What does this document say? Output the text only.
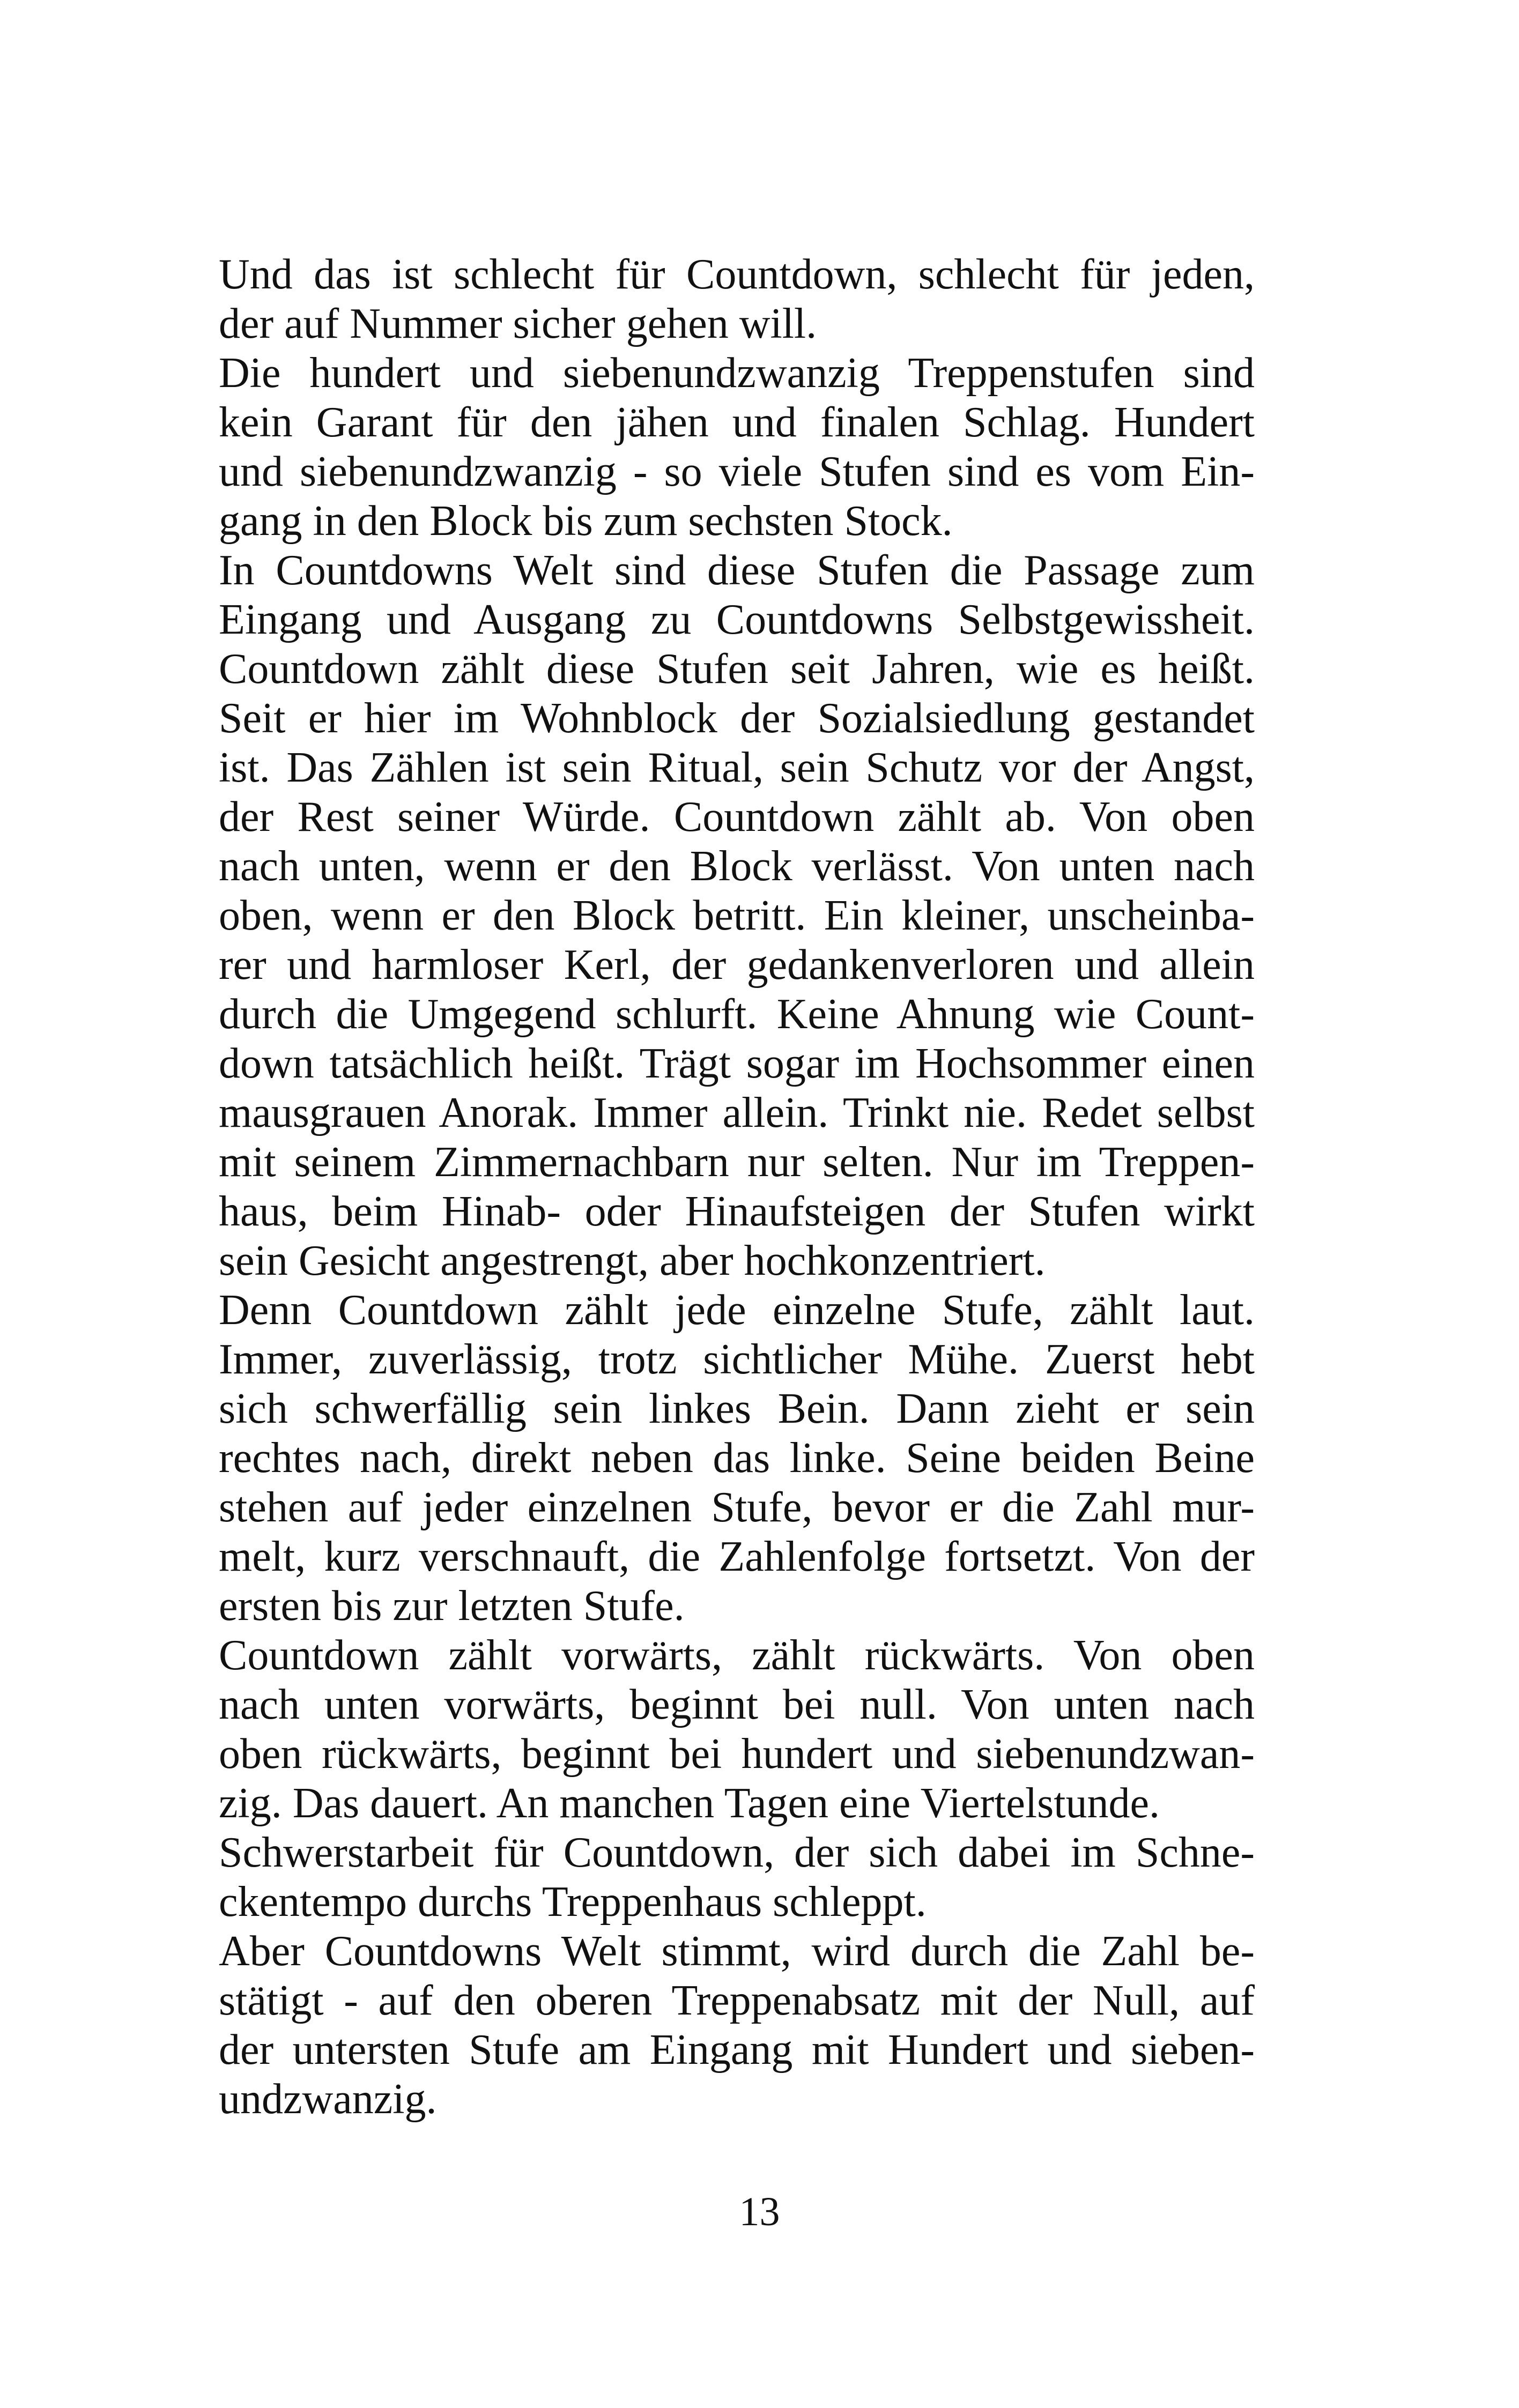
Und das ist schlecht für Countdown, schlecht für jeden,
der auf Nummer sicher gehen will.
Die hundert und siebenundzwanzig Treppenstufen sind
kein Garant für den jähen und finalen Schlag. Hundert
und siebenundzwanzig - so viele Stufen sind es vom Ein-
gang in den Block bis zum sechsten Stock.
In Countdowns Welt sind diese Stufen die Passage zum
Eingang und Ausgang zu Countdowns Selbstgewissheit.
Countdown zählt diese Stufen seit Jahren, wie es heißt.
Seit er hier im Wohnblock der Sozialsiedlung gestandet
ist. Das Zählen ist sein Ritual, sein Schutz vor der Angst,
der Rest seiner Würde. Countdown zählt ab. Von oben
nach unten, wenn er den Block verlässt. Von unten nach
oben, wenn er den Block betritt. Ein kleiner, unscheinba-
rer und harmloser Kerl, der gedankenverloren und allein
durch die Umgegend schlurft. Keine Ahnung wie Count-
down tatsächlich heißt. Trägt sogar im Hochsommer einen
mausgrauen Anorak. Immer allein. Trinkt nie. Redet selbst
mit seinem Zimmernachbarn nur selten. Nur im Treppen-
haus, beim Hinab- oder Hinaufsteigen der Stufen wirkt
sein Gesicht angestrengt, aber hochkonzentriert.
Denn Countdown zählt jede einzelne Stufe, zählt laut.
Immer, zuverlässig, trotz sichtlicher Mühe. Zuerst hebt
sich schwerfällig sein linkes Bein. Dann zieht er sein
rechtes nach, direkt neben das linke. Seine beiden Beine
stehen auf jeder einzelnen Stufe, bevor er die Zahl mur-
melt, kurz verschnauft, die Zahlenfolge fortsetzt. Von der
ersten bis zur letzten Stufe.
Countdown zählt vorwärts, zählt rückwärts. Von oben
nach unten vorwärts, beginnt bei null. Von unten nach
oben rückwärts, beginnt bei hundert und siebenundzwan-
zig. Das dauert. An manchen Tagen eine Viertelstunde.
Schwerstarbeit für Countdown, der sich dabei im Schne-
ckentempo durchs Treppenhaus schleppt.
Aber Countdowns Welt stimmt, wird durch die Zahl be-
stätigt - auf den oberen Treppenabsatz mit der Null, auf
der untersten Stufe am Eingang mit Hundert und sieben-
undzwanzig.
13
